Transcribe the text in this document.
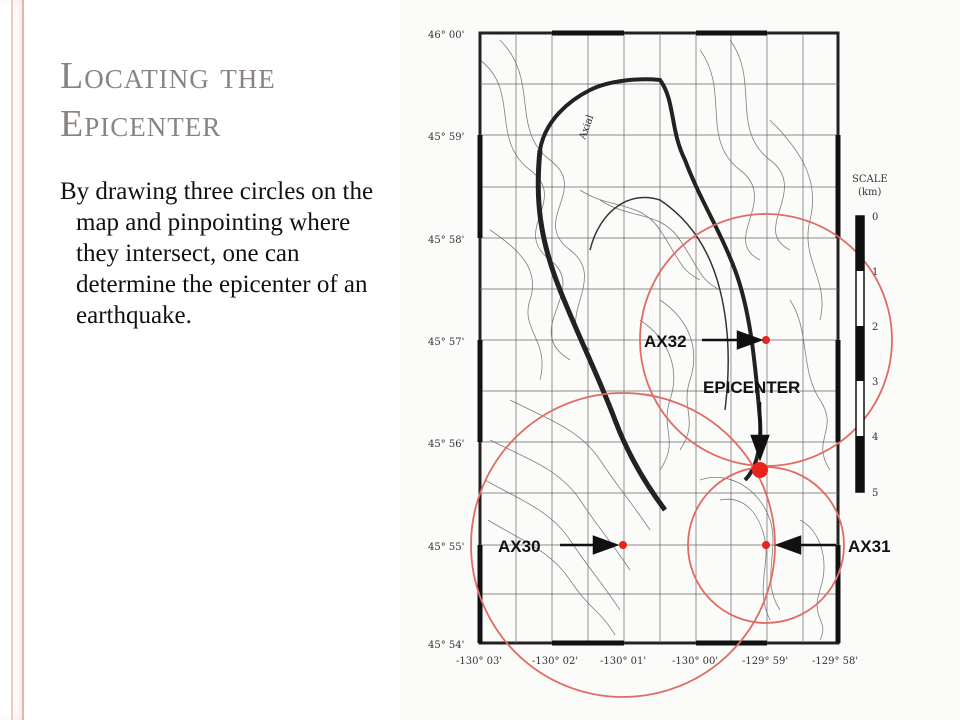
Locating the
Epicenter

By drawing three circles on the map and pinpointing where they intersect, one can determine the epicenter of an earthquake.

Axial
AX32
AX30	AX31
EPICENTER
46° 00'
45° 59'
45° 58'
45° 57'
45° 56'
45° 55'
45° 54'
-130° 03'	-130° 02' -130° 01'	-130° 00' -129° 59' -129° 58'
SCALE
(km)
0
1
2
3
4
5
